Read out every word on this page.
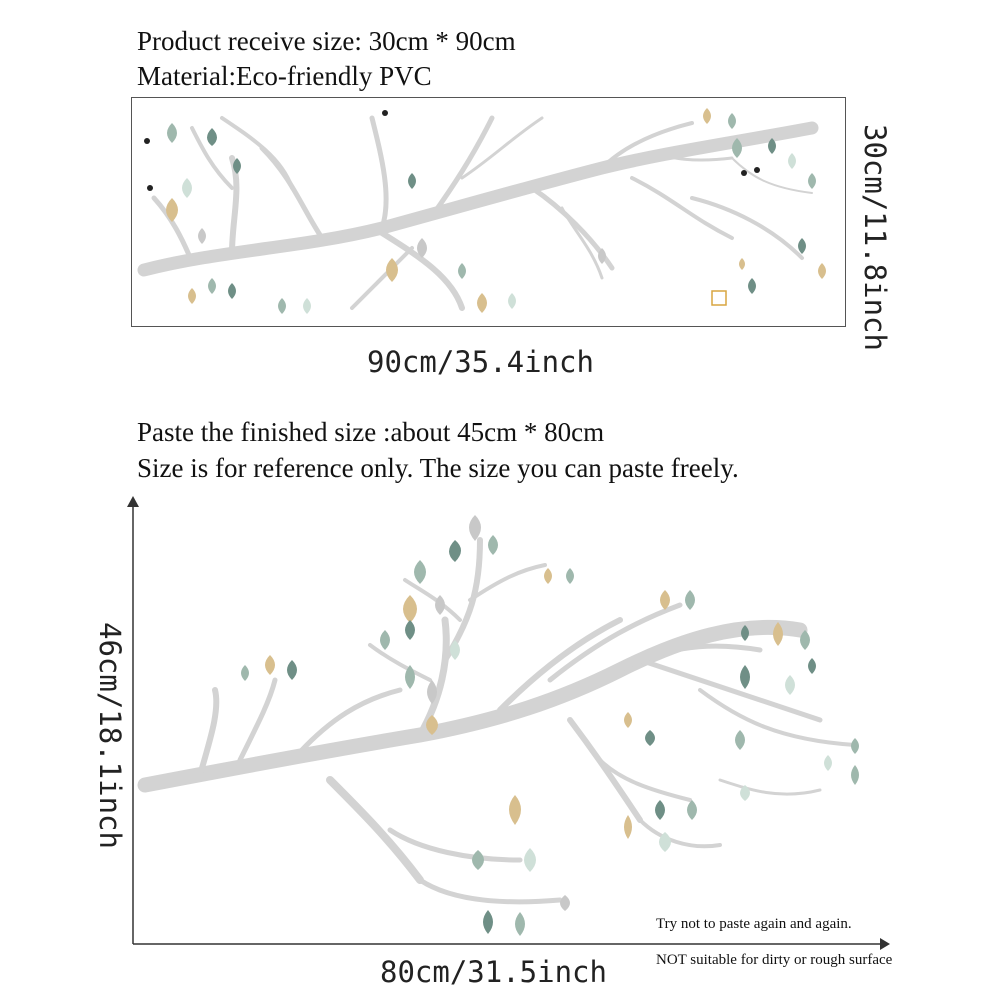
Product receive size: 30cm * 90cm
Material:Eco-friendly PVC
90cm/35.4inch
30cm/11.8inch
Paste the finished size :about 45cm * 80cm
Size is for reference only. The size you can paste freely.
46cm/18.1inch
80cm/31.5inch
Try not to paste again and again.
NOT suitable for dirty or rough surface
